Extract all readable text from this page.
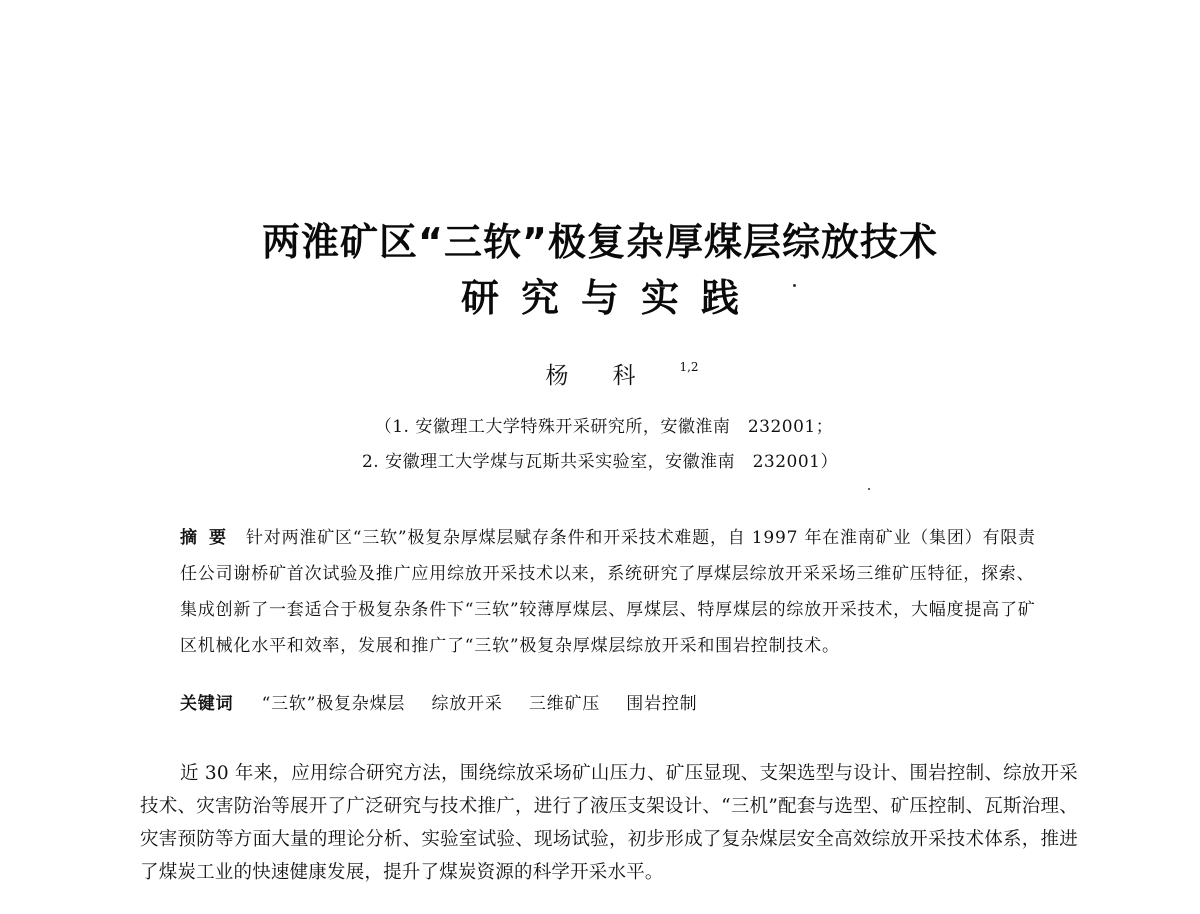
两淮矿区“三软”极复杂厚煤层综放技术
研究与实践
杨科$^{1,2}$
（1. 安徽理工大学特殊开采研究所，安徽淮南　232001；
2. 安徽理工大学煤与瓦斯共采实验室，安徽淮南　232001）
摘要 针对两淮矿区“三软”极复杂厚煤层赋存条件和开采技术难题，自 1997 年在淮南矿业（集团）有限责任公司谢桥矿首次试验及推广应用综放开采技术以来，系统研究了厚煤层综放开采采场三维矿压特征，探索、集成创新了一套适合于极复杂条件下“三软”较薄厚煤层、厚煤层、特厚煤层的综放开采技术，大幅度提高了矿区机械化水平和效率，发展和推广了“三软”极复杂厚煤层综放开采和围岩控制技术。
关键词 “三软”极复杂煤层 综放开采 三维矿压 围岩控制
近 30 年来，应用综合研究方法，围绕综放采场矿山压力、矿压显现、支架选型与设计、围岩控制、综放开采技术、灾害防治等展开了广泛研究与技术推广，进行了液压支架设计、“三机”配套与选型、矿压控制、瓦斯治理、灾害预防等方面大量的理论分析、实验室试验、现场试验，初步形成了复杂煤层安全高效综放开采技术体系，推进了煤炭工业的快速健康发展，提升了煤炭资源的科学开采水平。
